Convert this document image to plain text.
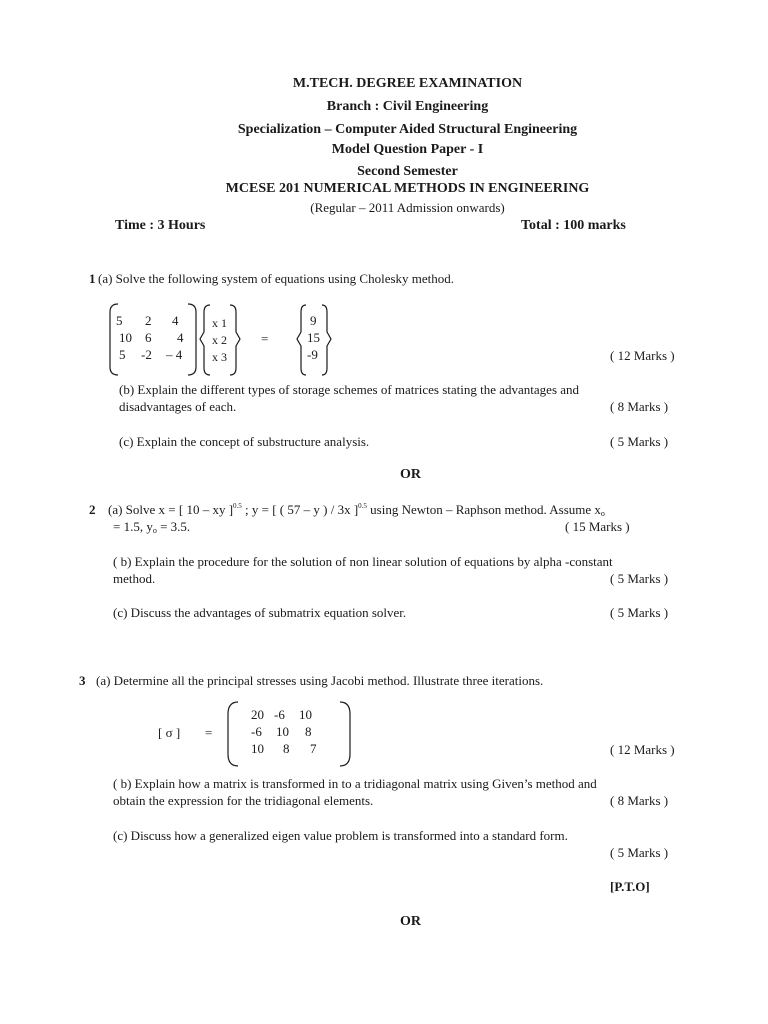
M.TECH. DEGREE EXAMINATION
Branch : Civil Engineering
Specialization – Computer Aided Structural Engineering
Model Question Paper - I
Second Semester
MCESE 201 NUMERICAL METHODS IN ENGINEERING
(Regular – 2011 Admission onwards)
Time : 3 Hours	Total : 100 marks
1 (a) Solve the following system of equations using Cholesky method.
5 2 4
10 6 4
5 -2 – 4
x 1
x 2
x 3
=
9
15
-9	( 12 Marks )
(b) Explain the different types of storage schemes of matrices stating the advantages and
disadvantages of each.	( 8 Marks )
(c) Explain the concept of substructure analysis.	( 5 Marks )
OR
2 (a) Solve x = [ 10 – xy ]$^{0.5}$ ; y = [ ( 57 – y ) / 3x ]$^{0.5}$ using Newton – Raphson method. Assume $x_o$
= 1.5, $y_o = 3.5$.	( 15 Marks )
( b) Explain the procedure for the solution of non linear solution of equations by alpha -constant
method.	( 5 Marks )
(c) Discuss the advantages of submatrix equation solver.	( 5 Marks )
3 (a) Determine all the principal stresses using Jacobi method. Illustrate three iterations.
[ σ ] =
20 -6 10
-6 10 8
10 8 7	( 12 Marks )
( b) Explain how a matrix is transformed in to a tridiagonal matrix using Given’s method and
obtain the expression for the tridiagonal elements.	( 8 Marks )
(c) Discuss how a generalized eigen value problem is transformed into a standard form.
( 5 Marks )
[P.T.O]
OR
